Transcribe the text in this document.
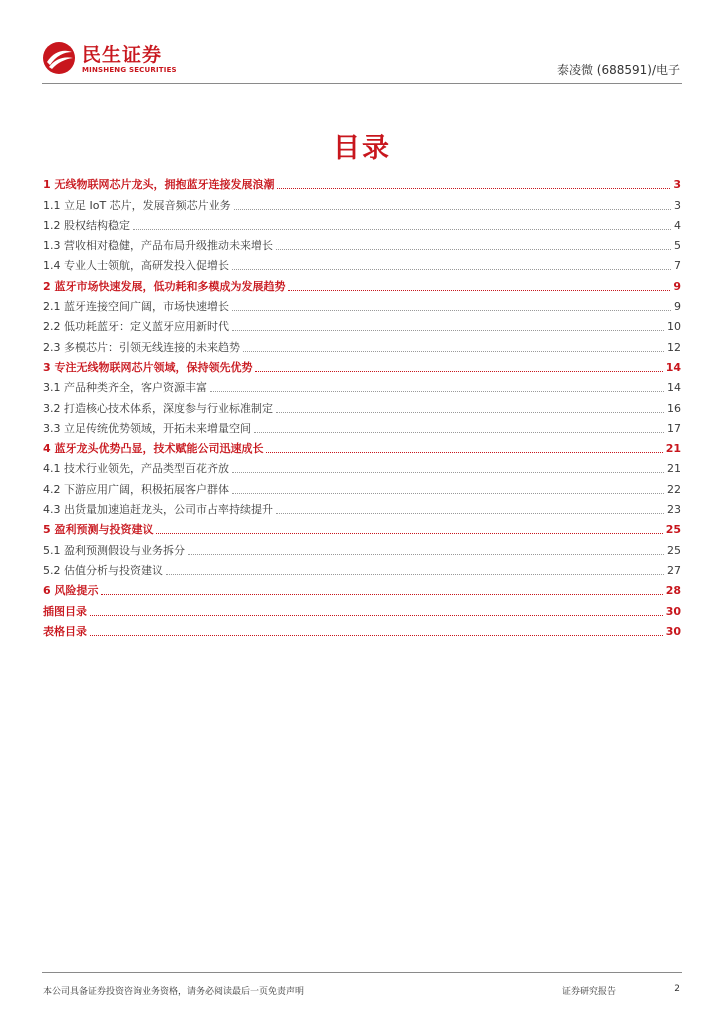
民生证券
MINSHENG SECURITIES	泰凌微 (688591)/电子
目录
1 无线物联网芯片龙头，拥抱蓝牙连接发展浪潮	3
1.1 立足 IoT 芯片，发展音频芯片业务	3
1.2 股权结构稳定	4
1.3 营收相对稳健，产品布局升级推动未来增长	5
1.4 专业人士领航，高研发投入促增长	7
2 蓝牙市场快速发展，低功耗和多模成为发展趋势	9
2.1 蓝牙连接空间广阔，市场快速增长	9
2.2 低功耗蓝牙：定义蓝牙应用新时代	10
2.3 多模芯片：引领无线连接的未来趋势	12
3 专注无线物联网芯片领域，保持领先优势	14
3.1 产品种类齐全，客户资源丰富	14
3.2 打造核心技术体系，深度参与行业标准制定	16
3.3 立足传统优势领域，开拓未来增量空间	17
4 蓝牙龙头优势凸显，技术赋能公司迅速成长	21
4.1 技术行业领先，产品类型百花齐放	21
4.2 下游应用广阔，积极拓展客户群体	22
4.3 出货量加速追赶龙头，公司市占率持续提升	23
5 盈利预测与投资建议	25
5.1 盈利预测假设与业务拆分	25
5.2 估值分析与投资建议	27
6 风险提示	28
插图目录	30
表格目录	30
本公司具备证券投资咨询业务资格，请务必阅读最后一页免责声明	证券研究报告	2
